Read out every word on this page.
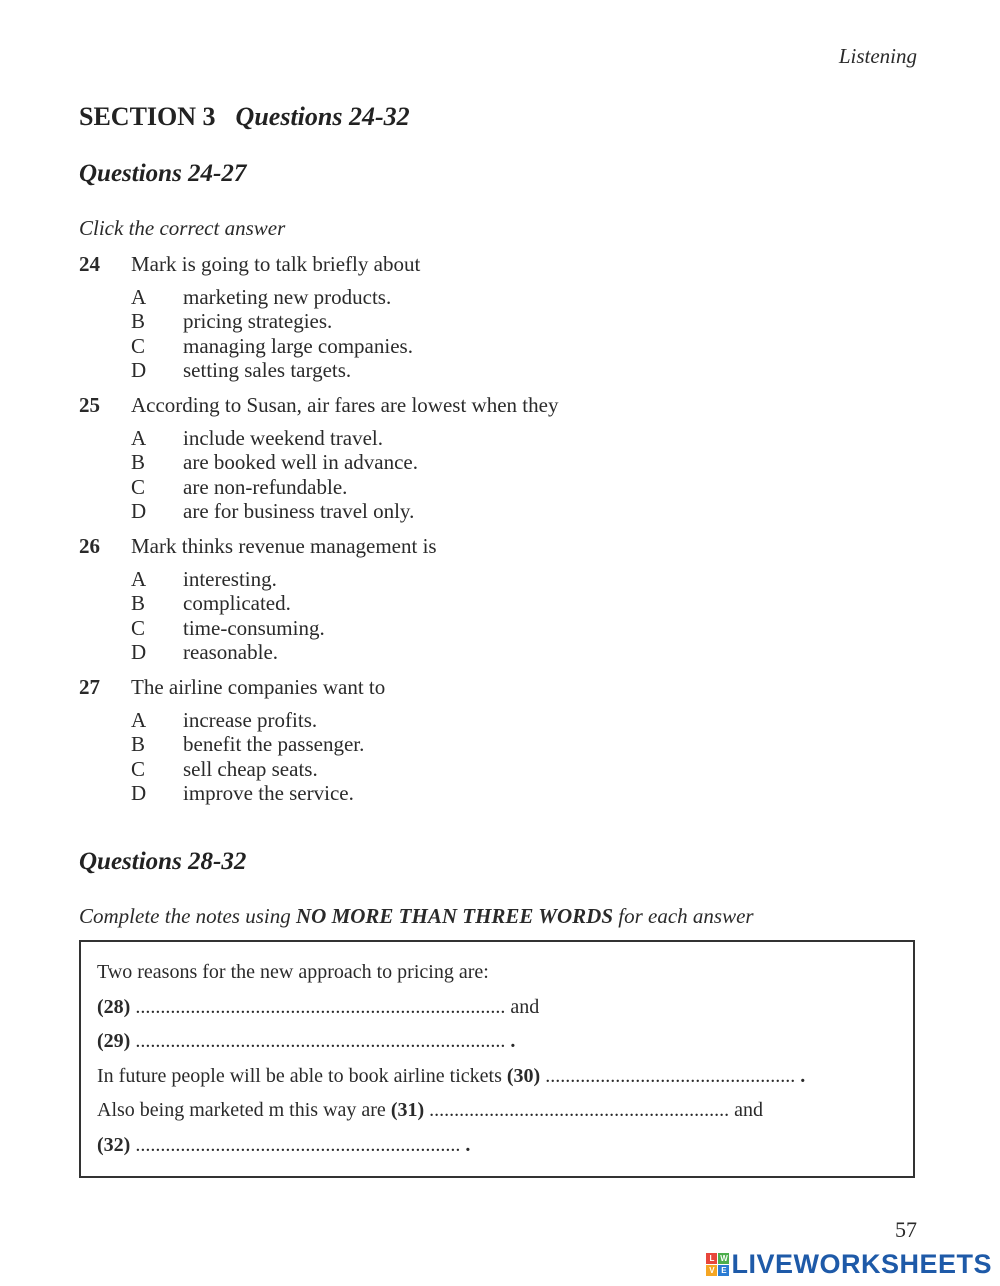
Listening
SECTION 3 Questions 24-32
Questions 24-27
Click the correct answer
24	Mark is going to talk briefly about
A	marketing new products.
B	pricing strategies.
C	managing large companies.
D	setting sales targets.
25	According to Susan, air fares are lowest when they
A	include weekend travel.
B	are booked well in advance.
C	are non-refundable.
D	are for business travel only.
26	Mark thinks revenue management is
A	interesting.
B	complicated.
C	time-consuming.
D	reasonable.
27	The airline companies want to
A	increase profits.
B	benefit the passenger.
C	sell cheap seats.
D	improve the service.
Questions 28-32
Complete the notes using NO MORE THAN THREE WORDS for each answer
Two reasons for the new approach to pricing are:
(28) .......................................................................... and
(29) .......................................................................... .
In future people will be able to book airline tickets (30) .................................................. .
Also being marketed m this way are (31) ............................................................ and
(32) ................................................................. .
57
L W
V E LIVEWORKSHEETS
